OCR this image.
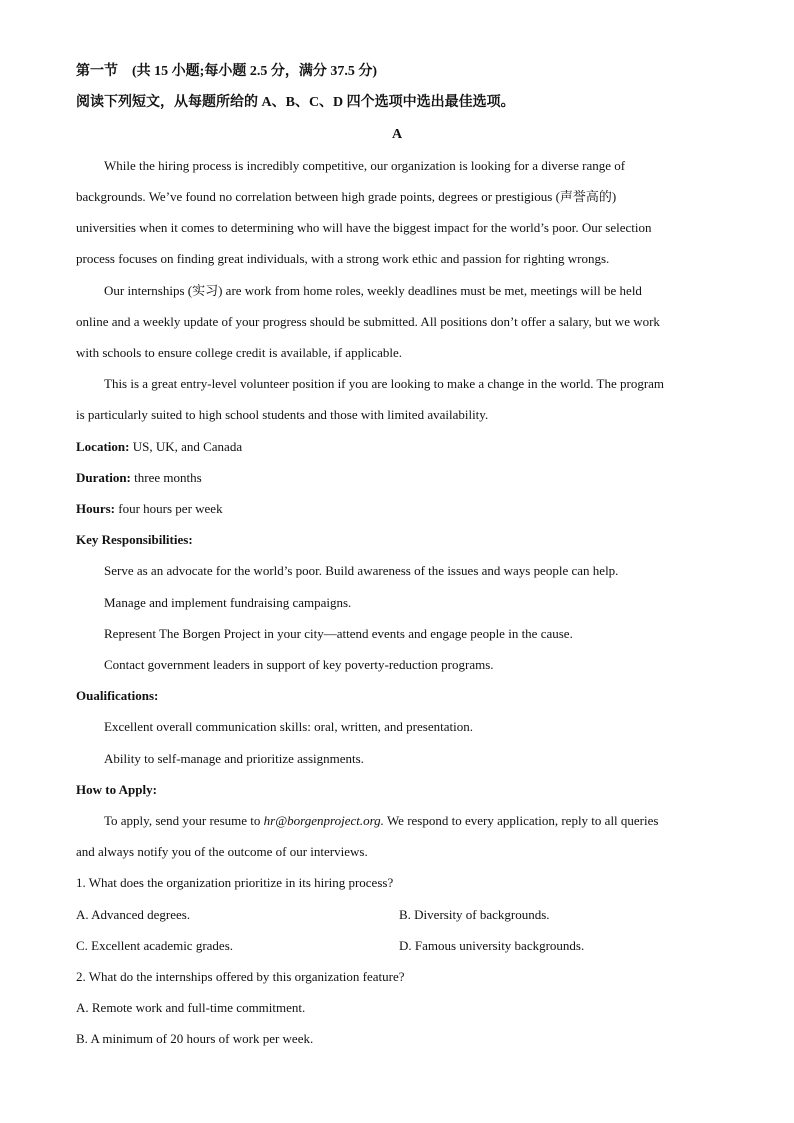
第一节　(共 15 小题;每小题 2.5 分，满分 37.5 分)
阅读下列短文，从每题所给的 A、B、C、D 四个选项中选出最佳选项。
A
While the hiring process is incredibly competitive, our organization is looking for a diverse range of
backgrounds. We’ve found no correlation between high grade points, degrees or prestigious (声誉高的)
universities when it comes to determining who will have the biggest impact for the world’s poor. Our selection
process focuses on finding great individuals, with a strong work ethic and passion for righting wrongs.
Our internships (实习) are work from home roles, weekly deadlines must be met, meetings will be held
online and a weekly update of your progress should be submitted. All positions don’t offer a salary, but we work
with schools to ensure college credit is available, if applicable.
This is a great entry-level volunteer position if you are looking to make a change in the world. The program
is particularly suited to high school students and those with limited availability.
Location: US, UK, and Canada
Duration: three months
Hours: four hours per week
Key Responsibilities:
Serve as an advocate for the world’s poor. Build awareness of the issues and ways people can help.
Manage and implement fundraising campaigns.
Represent The Borgen Project in your city—attend events and engage people in the cause.
Contact government leaders in support of key poverty-reduction programs.
Oualifications:
Excellent overall communication skills: oral, written, and presentation.
Ability to self-manage and prioritize assignments.
How to Apply:
To apply, send your resume to hr@borgenproject.org. We respond to every application, reply to all queries
and always notify you of the outcome of our interviews.
1. What does the organization prioritize in its hiring process?
A. Advanced degrees.	B. Diversity of backgrounds.
C. Excellent academic grades.	D. Famous university backgrounds.
2. What do the internships offered by this organization feature?
A. Remote work and full-time commitment.
B. A minimum of 20 hours of work per week.
